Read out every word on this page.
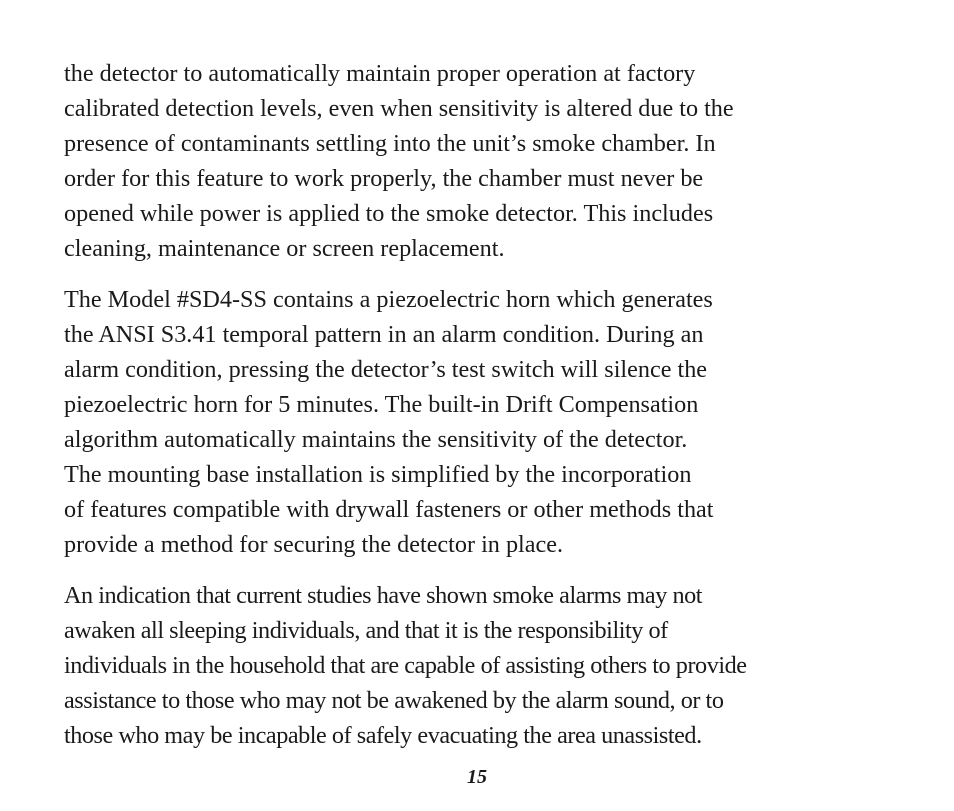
the detector to automatically maintain proper operation at factory
calibrated detection levels, even when sensitivity is altered due to the
presence of contaminants settling into the unit’s smoke chamber. In
order for this feature to work properly, the chamber must never be
opened while power is applied to the smoke detector. This includes
cleaning, maintenance or screen replacement.

The Model #SD4-SS contains a piezoelectric horn which generates
the ANSI S3.41 temporal pattern in an alarm condition. During an
alarm condition, pressing the detector’s test switch will silence the
piezoelectric horn for 5 minutes. The built-in Drift Compensation
algorithm automatically maintains the sensitivity of the detector.
The mounting base installation is simplified by the incorporation
of features compatible with drywall fasteners or other methods that
provide a method for securing the detector in place.

An indication that current studies have shown smoke alarms may not
awaken all sleeping individuals, and that it is the responsibility of
individuals in the household that are capable of assisting others to provide
assistance to those who may not be awakened by the alarm sound, or to
those who may be incapable of safely evacuating the area unassisted.

15
